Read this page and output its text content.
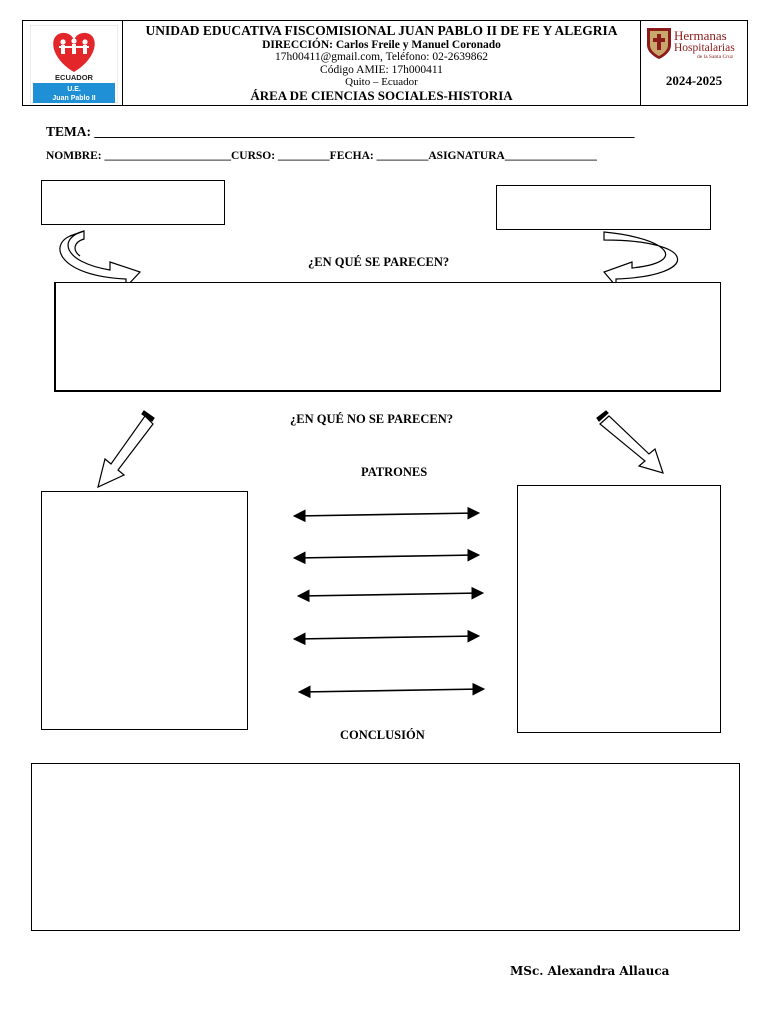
ECUADOR
U.E.
Juan Pablo II
UNIDAD EDUCATIVA FISCOMISIONAL JUAN PABLO II DE FE Y ALEGRIA
DIRECCIÓN: Carlos Freile y Manuel Coronado
17h00411@gmail.com, Teléfono: 02-2639862
Código AMIE: 17h000411
Quito – Ecuador
ÁREA DE CIENCIAS SOCIALES-HISTORIA
Hermanas
Hospitalarias
de la Santa Cruz
2024-2025
TEMA: ________________________________________________________________________________
NOMBRE: ______________________CURSO: _________FECHA: _________ASIGNATURA________________
¿EN QUÉ SE PARECEN?
¿EN QUÉ NO SE PARECEN?
PATRONES
CONCLUSIÓN
MSc. Alexandra Allauca
